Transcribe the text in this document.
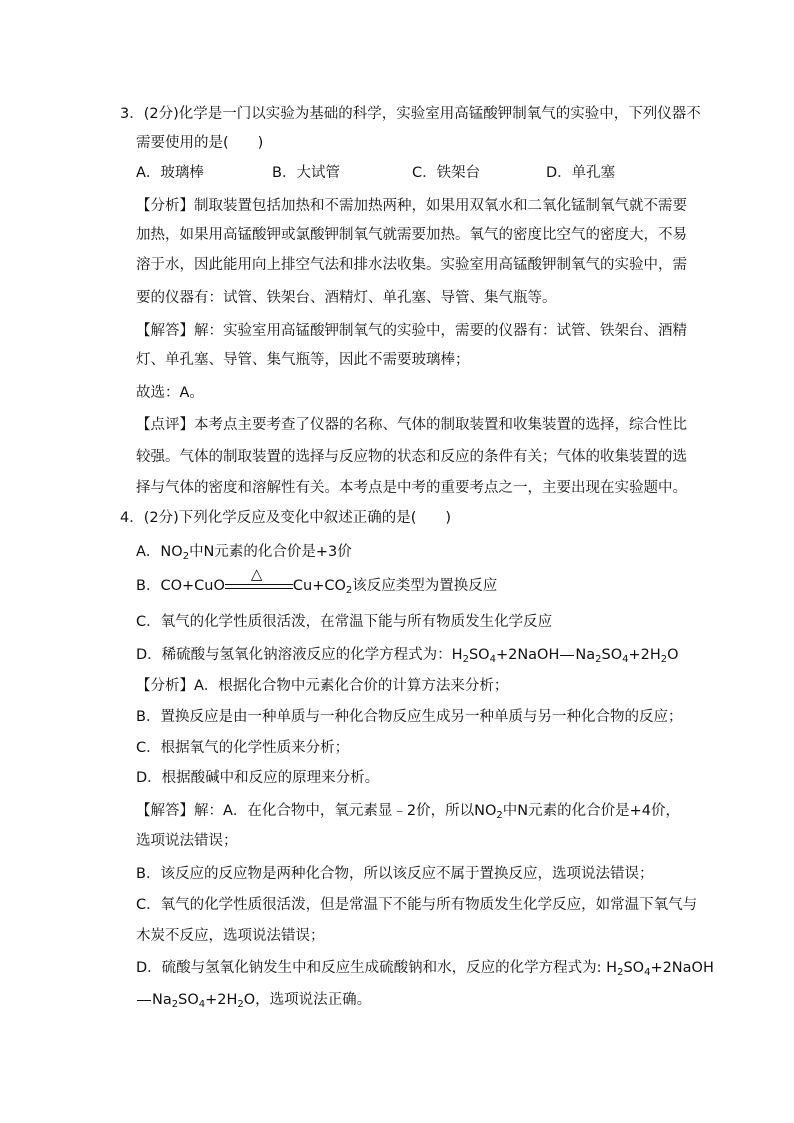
3．(2分)化学是一门以实验为基础的科学，实验室用高锰酸钾制氧气的实验中，下列仪器不
需要使用的是(　　)
A．玻璃棒	B．大试管	C．铁架台	D．单孔塞
【分析】制取装置包括加热和不需加热两种，如果用双氧水和二氧化锰制氧气就不需要
加热，如果用高锰酸钾或氯酸钾制氧气就需要加热。氧气的密度比空气的密度大，不易
溶于水，因此能用向上排空气法和排水法收集。实验室用高锰酸钾制氧气的实验中，需
要的仪器有：试管、铁架台、酒精灯、单孔塞、导管、集气瓶等。
【解答】解：实验室用高锰酸钾制氧气的实验中，需要的仪器有：试管、铁架台、酒精
灯、单孔塞、导管、集气瓶等，因此不需要玻璃棒；
故选：A。
【点评】本考点主要考查了仪器的名称、气体的制取装置和收集装置的选择，综合性比
较强。气体的制取装置的选择与反应物的状态和反应的条件有关；气体的收集装置的选
择与气体的密度和溶解性有关。本考点是中考的重要考点之一，主要出现在实验题中。
4．(2分)下列化学反应及变化中叙述正确的是(　　)
A．$NO_2$中N元素的化合价是+3价
B．CO+CuO
△
$Cu+CO_2$该反应类型为置换反应
C．氧气的化学性质很活泼，在常温下能与所有物质发生化学反应
D．稀硫酸与氢氧化钠溶液反应的化学方程式为：$H_2SO_4+2NaOH$ $Na_2SO_4+2H_2O$
【分析】A．根据化合物中元素化合价的计算方法来分析；
B．置换反应是由一种单质与一种化合物反应生成另一种单质与另一种化合物的反应；
C．根据氧气的化学性质来分析；
D．根据酸碱中和反应的原理来分析。
【解答】解：A．在化合物中，氧元素显﹣2价，所以$NO_2$中N元素的化合价是+4价，
选项说法错误；
B．该反应的反应物是两种化合物，所以该反应不属于置换反应，选项说法错误；
C．氧气的化学性质很活泼，但是常温下不能与所有物质发生化学反应，如常温下氧气与
木炭不反应，选项说法错误；
D．硫酸与氢氧化钠发生中和反应生成硫酸钠和水，反应的化学方程式为: $H_2SO_4+2NaOH$
$Na_2SO_4+2H_2O$，选项说法正确。
